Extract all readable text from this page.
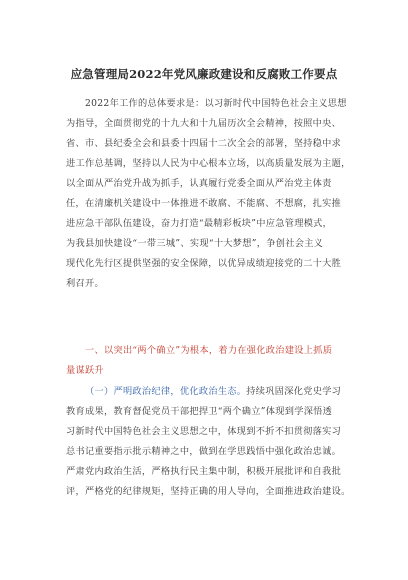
应急管理局2022年党风廉政建设和反腐败工作要点
2022年工作的总体要求是：以习新时代中国特色社会主义思想
为指导，全面贯彻党的十九大和十九届历次全会精神，按照中央、
省、市、县纪委全会和县委十四届十二次全会的部署，坚持稳中求
进工作总基调，坚持以人民为中心根本立场，以高质量发展为主题，
以全面从严治党升战为抓手，认真履行党委全面从严治党主体责
任，在清廉机关建设中一体推进不敢腐、不能腐、不想腐，扎实推
进应急干部队伍建设，奋力打造“最精彩板块”中应急管理模式，
为我县加快建设“一带三城”、实现“十大梦想”，争创社会主义
现代化先行区提供坚强的安全保障，以优异成绩迎接党的二十大胜
利召开。
一、以突出“两个确立”为根本，着力在强化政治建设上抓质
量谋跃升
（一）严明政治纪律，优化政治生态。持续巩固深化党史学习
教育成果，教育督促党员干部把捍卫“两个确立”体现到学深悟透
习新时代中国特色社会主义思想之中，体现到不折不扣贯彻落实习
总书记重要指示批示精神之中，做到在学思践悟中强化政治忠诚。
严肃党内政治生活，严格执行民主集中制，积极开展批评和自我批
评，严格党的纪律规矩，坚持正确的用人导向，全面推进政治建设。
